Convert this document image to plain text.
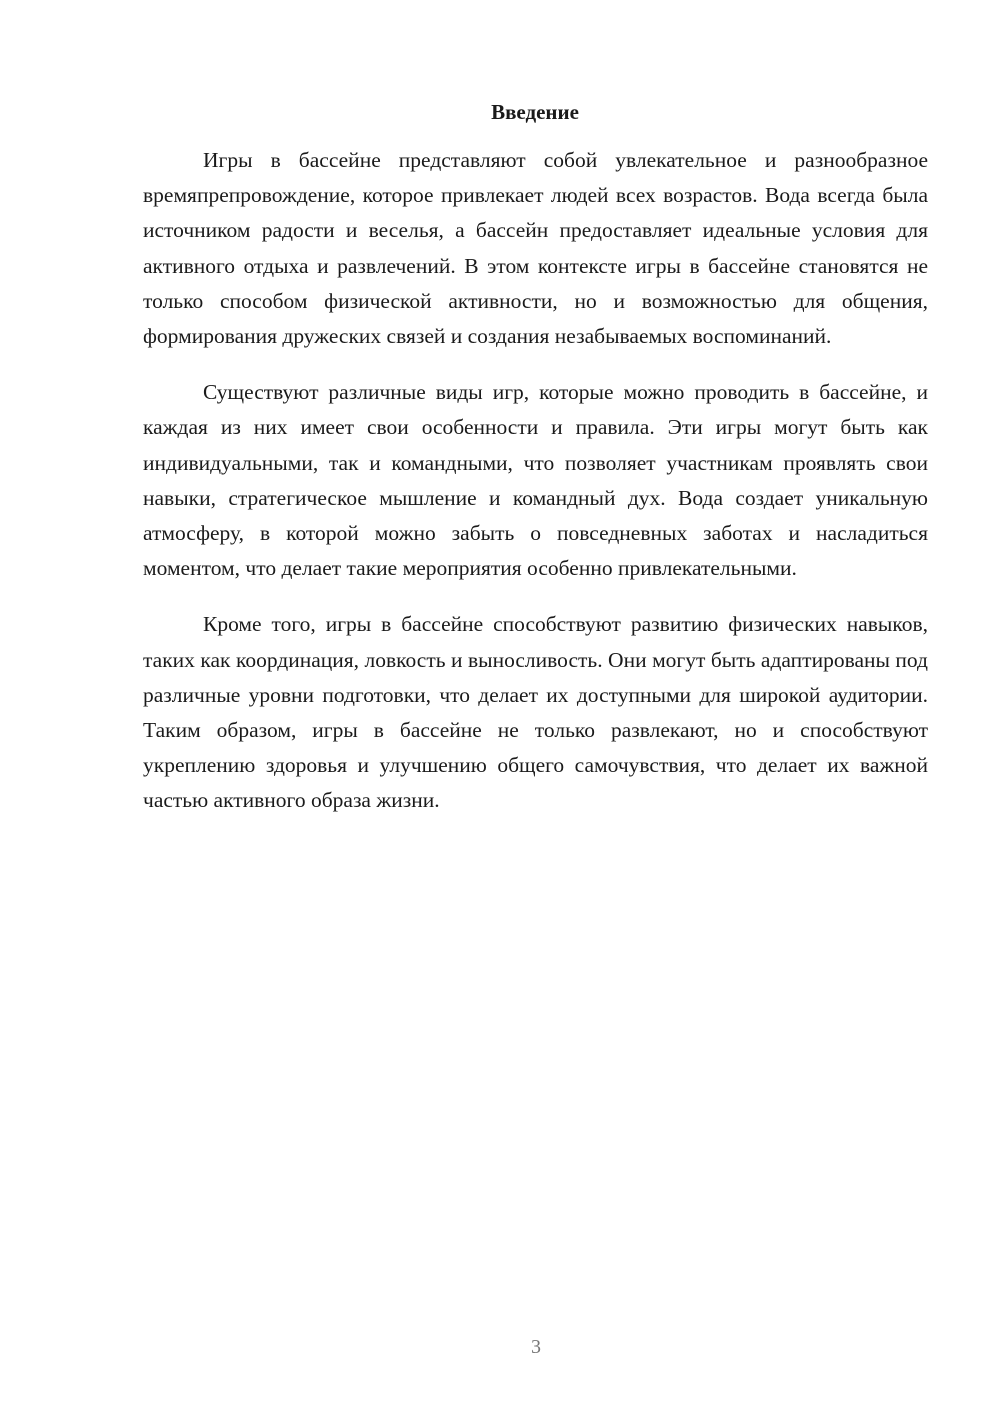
Введение

Игры в бассейне представляют собой увлекательное и разнообразное времяпрепровождение, которое привлекает людей всех возрастов. Вода всегда была источником радости и веселья, а бассейн предоставляет идеальные условия для активного отдыха и развлечений. В этом контексте игры в бассейне становятся не только способом физической активности, но и возможностью для общения, формирования дружеских связей и создания незабываемых воспоминаний.

Существуют различные виды игр, которые можно проводить в бассейне, и каждая из них имеет свои особенности и правила. Эти игры могут быть как индивидуальными, так и командными, что позволяет участникам проявлять свои навыки, стратегическое мышление и командный дух. Вода создает уникальную атмосферу, в которой можно забыть о повседневных заботах и насладиться моментом, что делает такие мероприятия особенно привлекательными.

Кроме того, игры в бассейне способствуют развитию физических навыков, таких как координация, ловкость и выносливость. Они могут быть адаптированы под различные уровни подготовки, что делает их доступными для широкой аудитории. Таким образом, игры в бассейне не только развлекают, но и способствуют укреплению здоровья и улучшению общего самочувствия, что делает их важной частью активного образа жизни.

3
